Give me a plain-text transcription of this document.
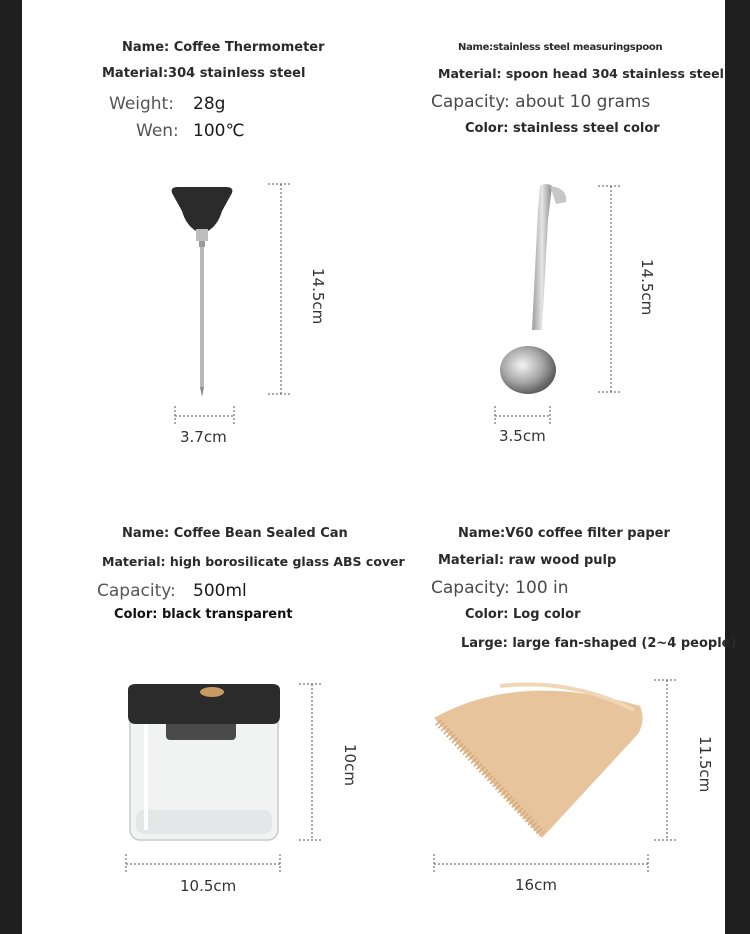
Name: Coffee Thermometer
Material:304 stainless steel
Weight: 28g
Wen: 100℃
14.5cm
3.7cm
Name:stainless steel measuringspoon
Material: spoon head 304 stainless steel
Capacity: about 10 grams
Color: stainless steel color
14.5cm
3.5cm
Name: Coffee Bean Sealed Can
Material: high borosilicate glass ABS cover
Capacity: 500ml
Color: black transparent
10cm
10.5cm
Name:V60 coffee filter paper
Material: raw wood pulp
Capacity: 100 in
Color: Log color
Large: large fan-shaped (2~4 people)
11.5cm
16cm
